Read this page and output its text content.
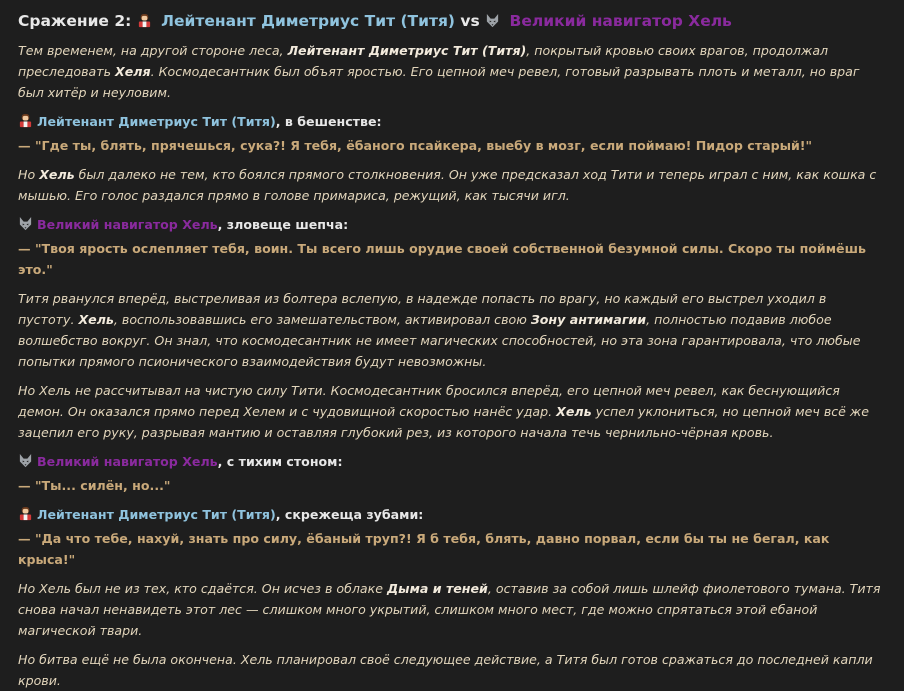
Сражение 2: Лейтенант Диметриус Тит (Титя) vs Великий навигатор Хель
Тем временем, на другой стороне леса, Лейтенант Диметриус Тит (Титя), покрытый кровью своих врагов, продолжал преследовать Хеля. Космодесантник был объят яростью. Его цепной меч ревел, готовый разрывать плоть и металл, но враг был хитёр и неуловим.
Лейтенант Диметриус Тит (Титя), в бешенстве:
— "Где ты, блять, прячешься, сука?! Я тебя, ёбаного псайкера, выебу в мозг, если поймаю! Пидор старый!"
Но Хель был далеко не тем, кто боялся прямого столкновения. Он уже предсказал ход Тити и теперь играл с ним, как кошка с мышью. Его голос раздался прямо в голове примариса, режущий, как тысячи игл.
Великий навигатор Хель, зловеще шепча:
— "Твоя ярость ослепляет тебя, воин. Ты всего лишь орудие своей собственной безумной силы. Скоро ты поймёшь это."
Титя рванулся вперёд, выстреливая из болтера вслепую, в надежде попасть по врагу, но каждый его выстрел уходил в пустоту. Хель, воспользовавшись его замешательством, активировал свою Зону антимагии, полностью подавив любое волшебство вокруг. Он знал, что космодесантник не имеет магических способностей, но эта зона гарантировала, что любые попытки прямого псионического взаимодействия будут невозможны.
Но Хель не рассчитывал на чистую силу Тити. Космодесантник бросился вперёд, его цепной меч ревел, как беснующийся демон. Он оказался прямо перед Хелем и с чудовищной скоростью нанёс удар. Хель успел уклониться, но цепной меч всё же зацепил его руку, разрывая мантию и оставляя глубокий рез, из которого начала течь чернильно-чёрная кровь.
Великий навигатор Хель, с тихим стоном:
— "Ты... силён, но..."
Лейтенант Диметриус Тит (Титя), скрежеща зубами:
— "Да что тебе, нахуй, знать про силу, ёбаный труп?! Я б тебя, блять, давно порвал, если бы ты не бегал, как крыса!"
Но Хель был не из тех, кто сдаётся. Он исчез в облаке Дыма и теней, оставив за собой лишь шлейф фиолетового тумана. Титя снова начал ненавидеть этот лес — слишком много укрытий, слишком много мест, где можно спрятаться этой ебаной магической твари.
Но битва ещё не была окончена. Хель планировал своё следующее действие, а Титя был готов сражаться до последней капли крови.
